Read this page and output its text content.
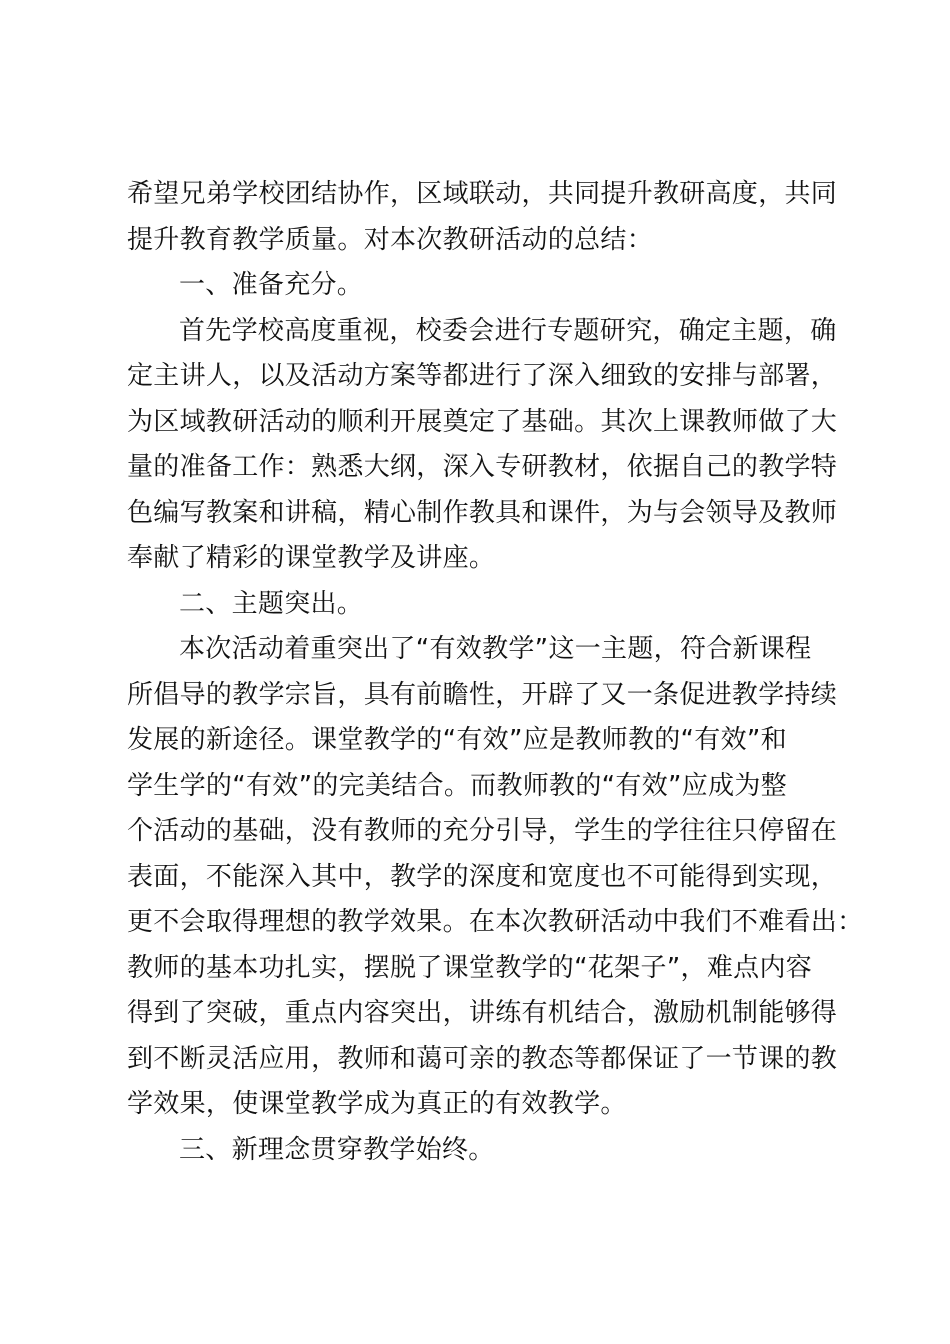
希望兄弟学校团结协作，区域联动，共同提升教研高度，共同
提升教育教学质量。对本次教研活动的总结：
一、准备充分。
首先学校高度重视，校委会进行专题研究，确定主题，确
定主讲人，以及活动方案等都进行了深入细致的安排与部署，
为区域教研活动的顺利开展奠定了基础。其次上课教师做了大
量的准备工作：熟悉大纲，深入专研教材，依据自己的教学特
色编写教案和讲稿，精心制作教具和课件，为与会领导及教师
奉献了精彩的课堂教学及讲座。
二、主题突出。
本次活动着重突出了“有效教学”这一主题，符合新课程
所倡导的教学宗旨，具有前瞻性，开辟了又一条促进教学持续
发展的新途径。课堂教学的“有效”应是教师教的“有效”和
学生学的“有效”的完美结合。而教师教的“有效”应成为整
个活动的基础，没有教师的充分引导，学生的学往往只停留在
表面，不能深入其中，教学的深度和宽度也不可能得到实现，
更不会取得理想的教学效果。在本次教研活动中我们不难看出：
教师的基本功扎实，摆脱了课堂教学的“花架子”，难点内容
得到了突破，重点内容突出，讲练有机结合，激励机制能够得
到不断灵活应用，教师和蔼可亲的教态等都保证了一节课的教
学效果，使课堂教学成为真正的有效教学。
三、新理念贯穿教学始终。
